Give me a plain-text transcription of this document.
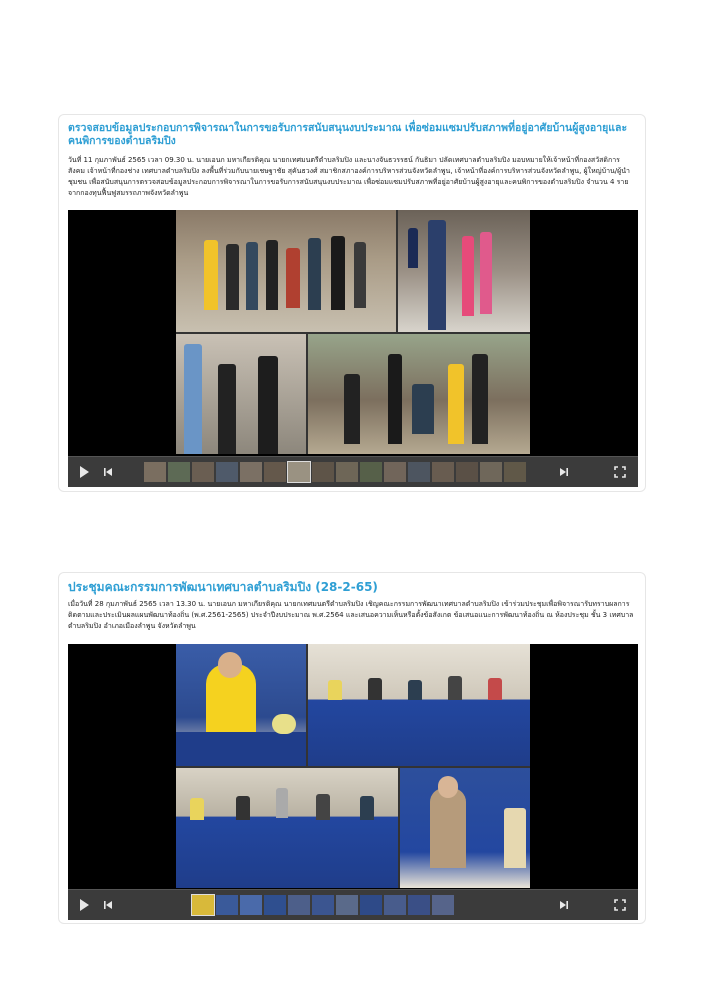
ตรวจสอบข้อมูลประกอบการพิจารณาในการขอรับการสนับสนุนงบประมาณ เพื่อซ่อมแซมปรับสภาพที่อยู่อาศัยบ้านผู้สูงอายุและคนพิการของตำบลริมปิง

วันที่ 11 กุมภาพันธ์ 2565 เวลา 09.30 น. นายเอนก มหาเกียรติคุณ นายกเทศมนตรีตำบลริมปิง และนางจันธวรรธน์ กันธิมา ปลัดเทศบาลตำบลริมปิง มอบหมายให้เจ้าหน้าที่กองสวัสดิการสังคม เจ้าหน้าที่กองช่าง เทศบาลตำบลริมปิง ลงพื้นที่ร่วมกับนายเชษฐาชัย สุคันธวงศ์ สมาชิกสภาองค์การบริหารส่วนจังหวัดลำพูน, เจ้าหน้าที่องค์การบริหารส่วนจังหวัดลำพูน, ผู้ใหญ่บ้าน/ผู้นำชุมชน เพื่อสนับสนุนการตรวจสอบข้อมูลประกอบการพิจารณาในการขอรับการสนับสนุนงบประมาณ เพื่อซ่อมแซมปรับสภาพที่อยู่อาศัยบ้านผู้สูงอายุและคนพิการของตำบลริมปิง จำนวน 4 ราย จากกองทุนฟื้นฟูสมรรถภาพจังหวัดลำพูน

ประชุมคณะกรรมการพัฒนาเทศบาลตำบลริมปิง (28-2-65)

เมื่อวันที่ 28 กุมภาพันธ์ 2565 เวลา 13.30 น. นายเอนก มหาเกียรติคุณ นายกเทศมนตรีตำบลริมปิง เชิญคณะกรรมการพัฒนาเทศบาลตำบลริมปิง เข้าร่วมประชุมเพื่อพิจารณารับทราบผลการติดตามและประเมินผลแผนพัฒนาท้องถิ่น (พ.ศ.2561-2565) ประจำปีงบประมาณ พ.ศ.2564 และเสนอความเห็นหรือตั้งข้อสังเกต ข้อเสนอแนะการพัฒนาท้องถิ่น ณ ห้องประชุม ชั้น 3 เทศบาลตำบลริมปิง อำเภอเมืองลำพูน จังหวัดลำพูน
